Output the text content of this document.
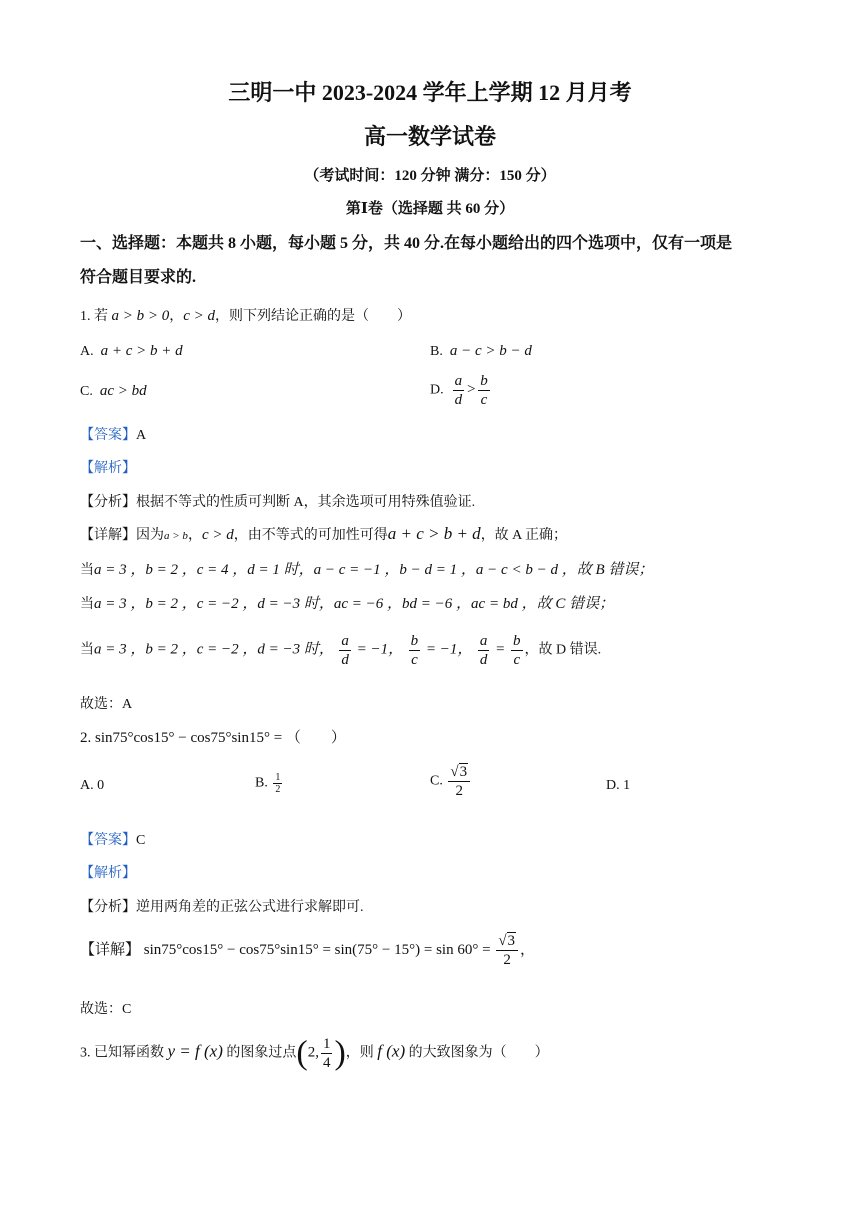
三明一中 2023-2024 学年上学期 12 月月考
高一数学试卷
（考试时间：120 分钟 满分：150 分）
第Ⅰ卷（选择题 共 60 分）
一、选择题：本题共 8 小题，每小题 5 分，共 40 分.在每小题给出的四个选项中，仅有一项是
符合题目要求的.
1. 若 a > b > 0，c > d，则下列结论正确的是（　　）
A. a + c > b + d	B. a − c > b − d
C. ac > bd	D. $\frac{a}{d} > \frac{b}{c}$
【答案】A
【解析】
【分析】根据不等式的性质可判断 A，其余选项可用特殊值验证.
【详解】因为a > b，c > d，由不等式的可加性可得a + c > b + d，故 A 正确；
当a = 3 ，b = 2 ，c = 4 ，d = 1 时，a − c = −1 ，b − d = 1 ，a − c < b − d ，故 B 错误；
当a = 3 ，b = 2 ，c = −2 ，d = −3 时，ac = −6 ，bd = −6 ，ac = bd ，故 C 错误；
当a = 3 ，b = 2 ，c = −2 ，d = −3 时， $\frac{a}{d} = -1$， $\frac{b}{c} = -1$， $\frac{a}{d} = \frac{b}{c}$ ，故 D 错误.
故选：A
2. sin75°cos15° − cos75°sin15° = （　　）
A. 0	B. $\frac{1}{2}$	C. $\frac{√3}{2}$	D. 1
【答案】C
【解析】
【分析】逆用两角差的正弦公式进行求解即可.
【详解】 $\sin 75^\circ\cos 15^\circ - \cos 75^\circ\sin 15^\circ = \sin(75^\circ - 15^\circ) = \sin 60^\circ = \frac{√3}{2}$ ，
故选：C
3. 已知幂函数 y = f (x) 的图象过点(2, $\frac{1}{4}$ )，则 f (x) 的大致图象为（　　）
